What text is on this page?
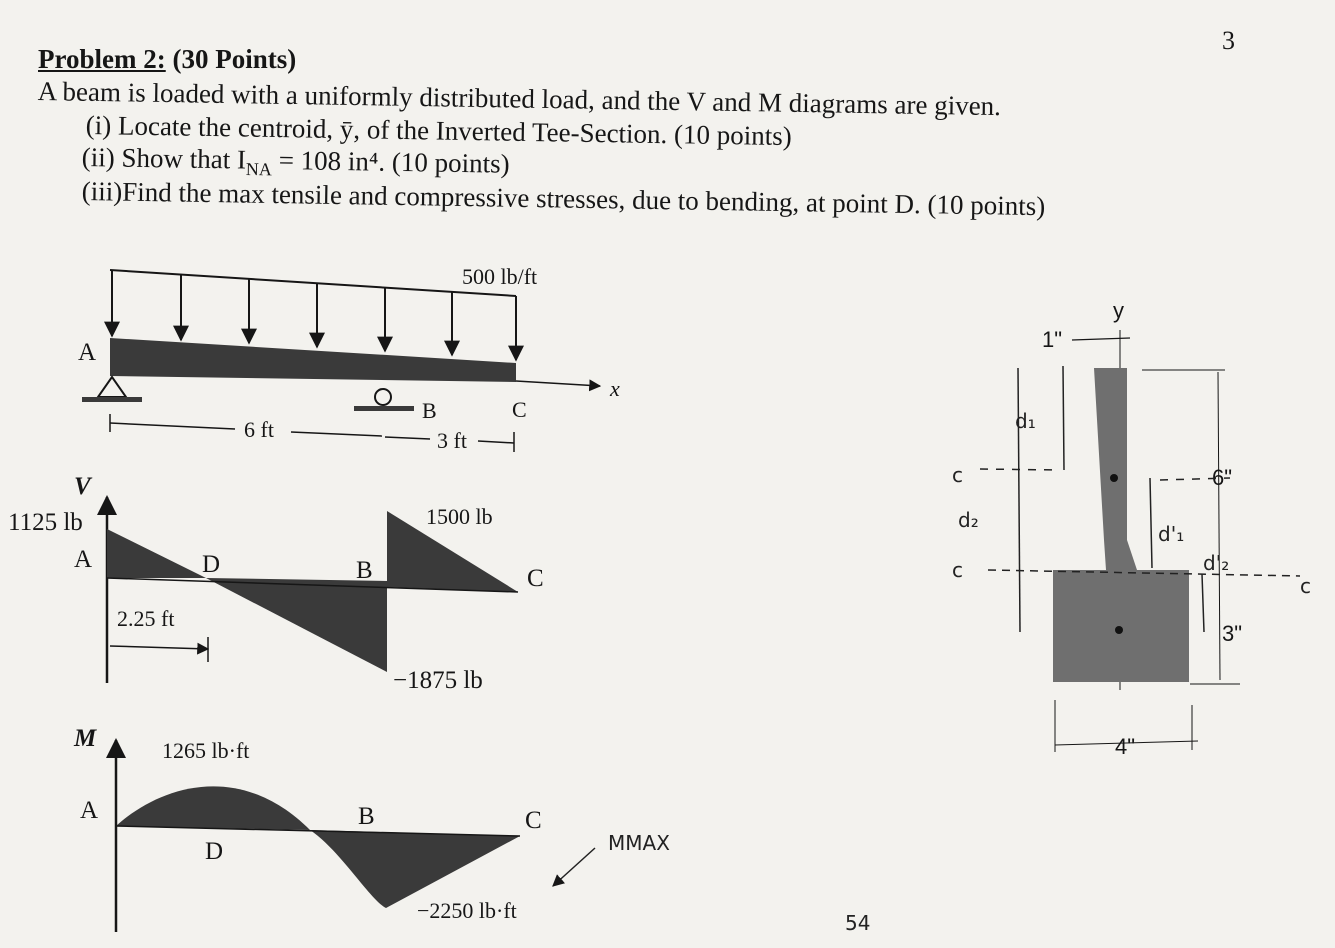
3
Problem 2: (30 Points)
A beam is loaded with a uniformly distributed load, and the V and M diagrams are given.
(i) Locate the centroid, ȳ, of the Inverted Tee-Section. (10 points)
(ii) Show that $I_{NA} = 108$ in⁴. (10 points)
(iii)Find the max tensile and compressive stresses, due to bending, at point D. (10 points)
500 lb/ft
x
A
B	C
6 ft	3 ft
V
1125 lb
A	D	B	C
1500 lb
−1875 lb
2.25 ft
M
A
1265 lb·ft
D
B	C
−2250 lb·ft
MMAX
y
1"
6"
3"
4"
c
c
c
d₂
d₁
d'₁
d'₂
54
